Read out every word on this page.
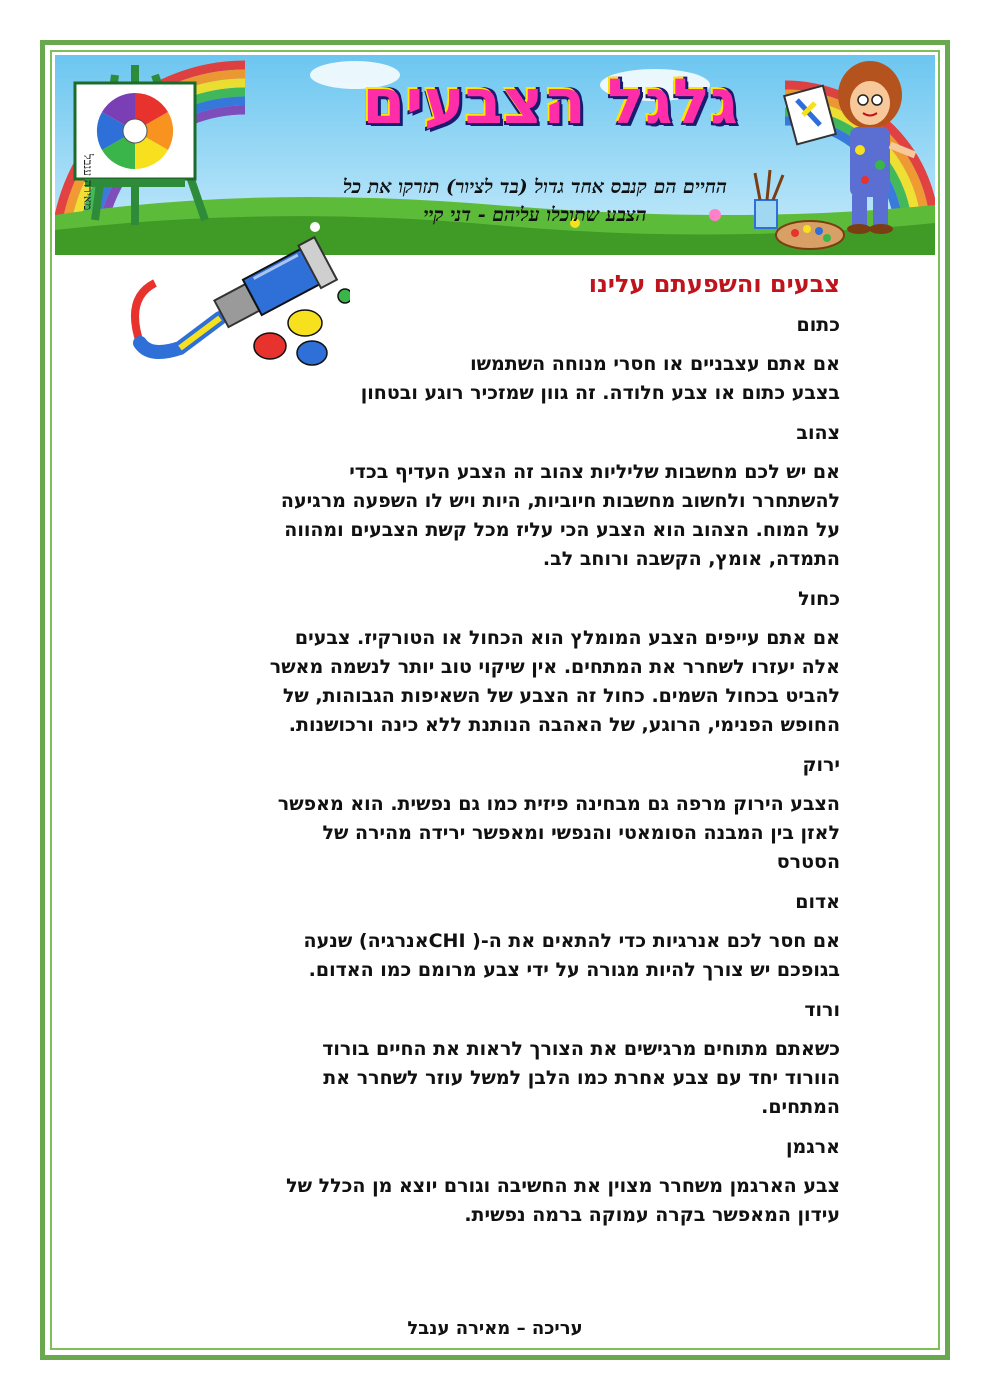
גלגל הצבעים
החיים הם קנבס אחד גדול (בד לציור) תזרקו את כל
הצבע שתוכלו עליהם - דני קיי
מאירה ענבל
צבעים והשפעתם עלינו
כתום
אם אתם עצבניים או חסרי מנוחה השתמשו
בצבע כתום או צבע חלודה. זה גוון שמזכיר רוגע ובטחון
צהוב
אם יש לכם מחשבות שליליות צהוב זה הצבע העדיף בכדי
להשתחרר ולחשוב מחשבות חיוביות, היות ויש לו השפעה מרגיעה
על המוח. הצהוב הוא הצבע הכי עליז מכל קשת הצבעים ומהווה
התמדה, אומץ, הקשבה ורוחב לב.
כחול
אם אתם עייפים הצבע המומלץ הוא הכחול או הטורקיז. צבעים
אלה יעזרו לשחרר את המתחים. אין שיקוי טוב יותר לנשמה מאשר
להביט בכחול השמים. כחול זה הצבע של השאיפות הגבוהות, של
החופש הפנימי, הרוגע, של האהבה הנותנת ללא כינה ורכושנות.
ירוק
הצבע הירוק מרפה גם מבחינה פיזית כמו גם נפשית. הוא מאפשר
לאזן בין המבנה הסומאטי והנפשי ומאפשר ירידה מהירה של
הסטרס
אדום
אם חסר לכם אנרגיות כדי להתאים את ה-( CHIאנרגיה) שנעה
בגופכם יש צורך להיות מגורה על ידי צבע מרומם כמו האדום.
ורוד
כשאתם מתוחים מרגישים את הצורך לראות את החיים בורוד
הוורוד יחד עם צבע אחרת כמו הלבן למשל עוזר לשחרר את
המתחים.
ארגמן
צבע הארגמן משחרר מצוין את החשיבה וגורם יוצא מן הכלל של
עידון המאפשר בקרה עמוקה ברמה נפשית.
עריכה – מאירה ענבל
